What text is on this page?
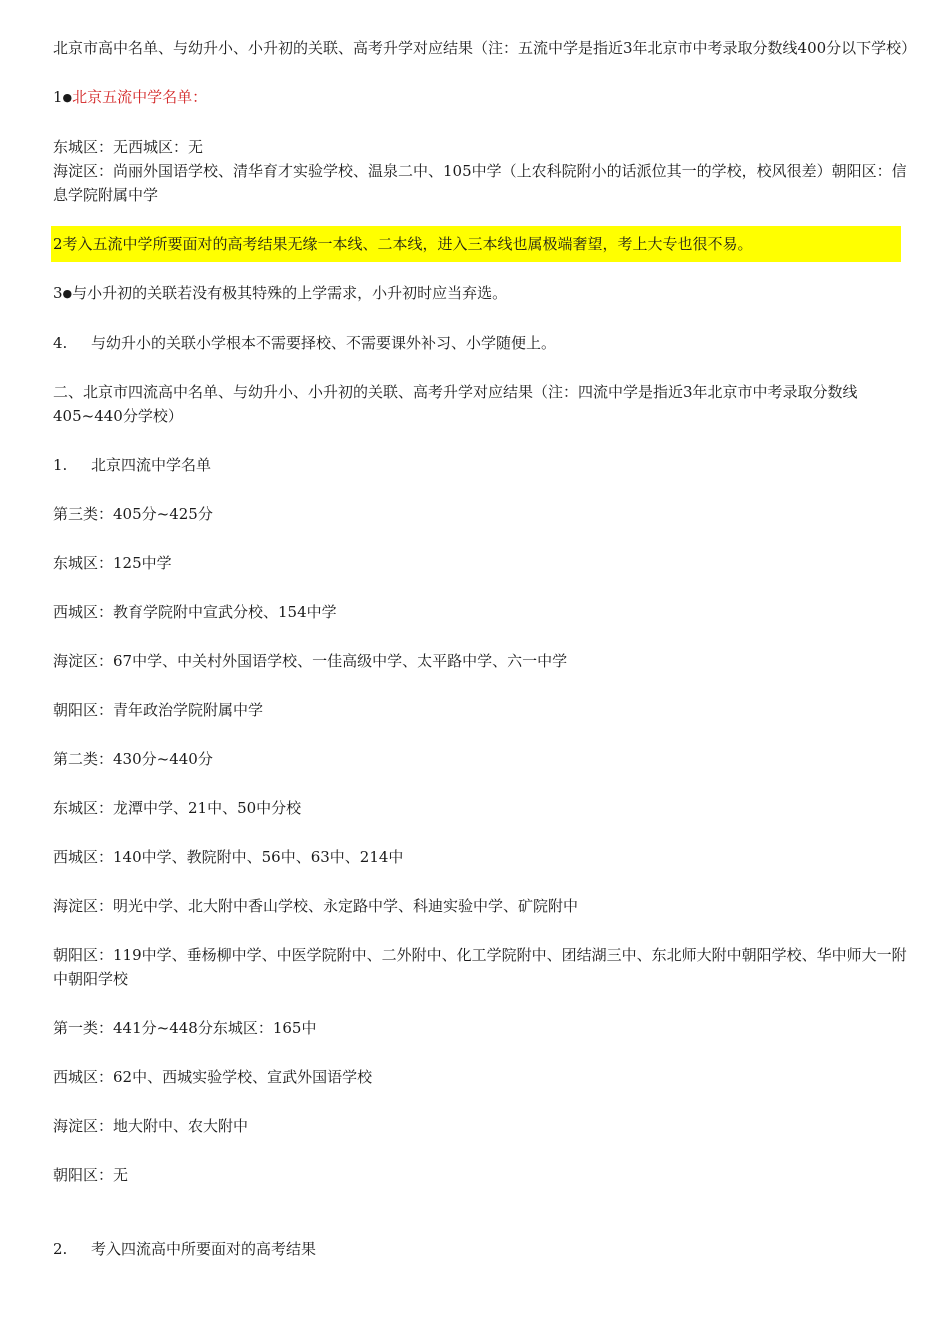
北京市高中名单、与幼升小、小升初的关联、高考升学对应结果（注：五流中学是指近3年北京市中考录取分数线400分以下学校）

1●北京五流中学名单：

东城区：无西城区：无

海淀区：尚丽外国语学校、清华育才实验学校、温泉二中、105中学（上农科院附小的话派位其一的学校，校风很差）朝阳区：信息学院附属中学

2考入五流中学所要面对的高考结果无缘一本线、二本线，进入三本线也属极端奢望，考上大专也很不易。

3●与小升初的关联若没有极其特殊的上学需求，小升初时应当弃选。

4. 与幼升小的关联小学根本不需要择校、不需要课外补习、小学随便上。

二、北京市四流高中名单、与幼升小、小升初的关联、高考升学对应结果（注：四流中学是指近3年北京市中考录取分数线405~440分学校）

1. 北京四流中学名单

第三类：405分~425分

东城区：125中学

西城区：教育学院附中宣武分校、154中学

海淀区：67中学、中关村外国语学校、一佳高级中学、太平路中学、六一中学

朝阳区：青年政治学院附属中学

第二类：430分~440分

东城区：龙潭中学、21中、50中分校

西城区：140中学、教院附中、56中、63中、214中

海淀区：明光中学、北大附中香山学校、永定路中学、科迪实验中学、矿院附中

朝阳区：119中学、垂杨柳中学、中医学院附中、二外附中、化工学院附中、团结湖三中、东北师大附中朝阳学校、华中师大一附中朝阳学校

第一类：441分~448分东城区：165中

西城区：62中、西城实验学校、宣武外国语学校

海淀区：地大附中、农大附中

朝阳区：无

2. 考入四流高中所要面对的高考结果
